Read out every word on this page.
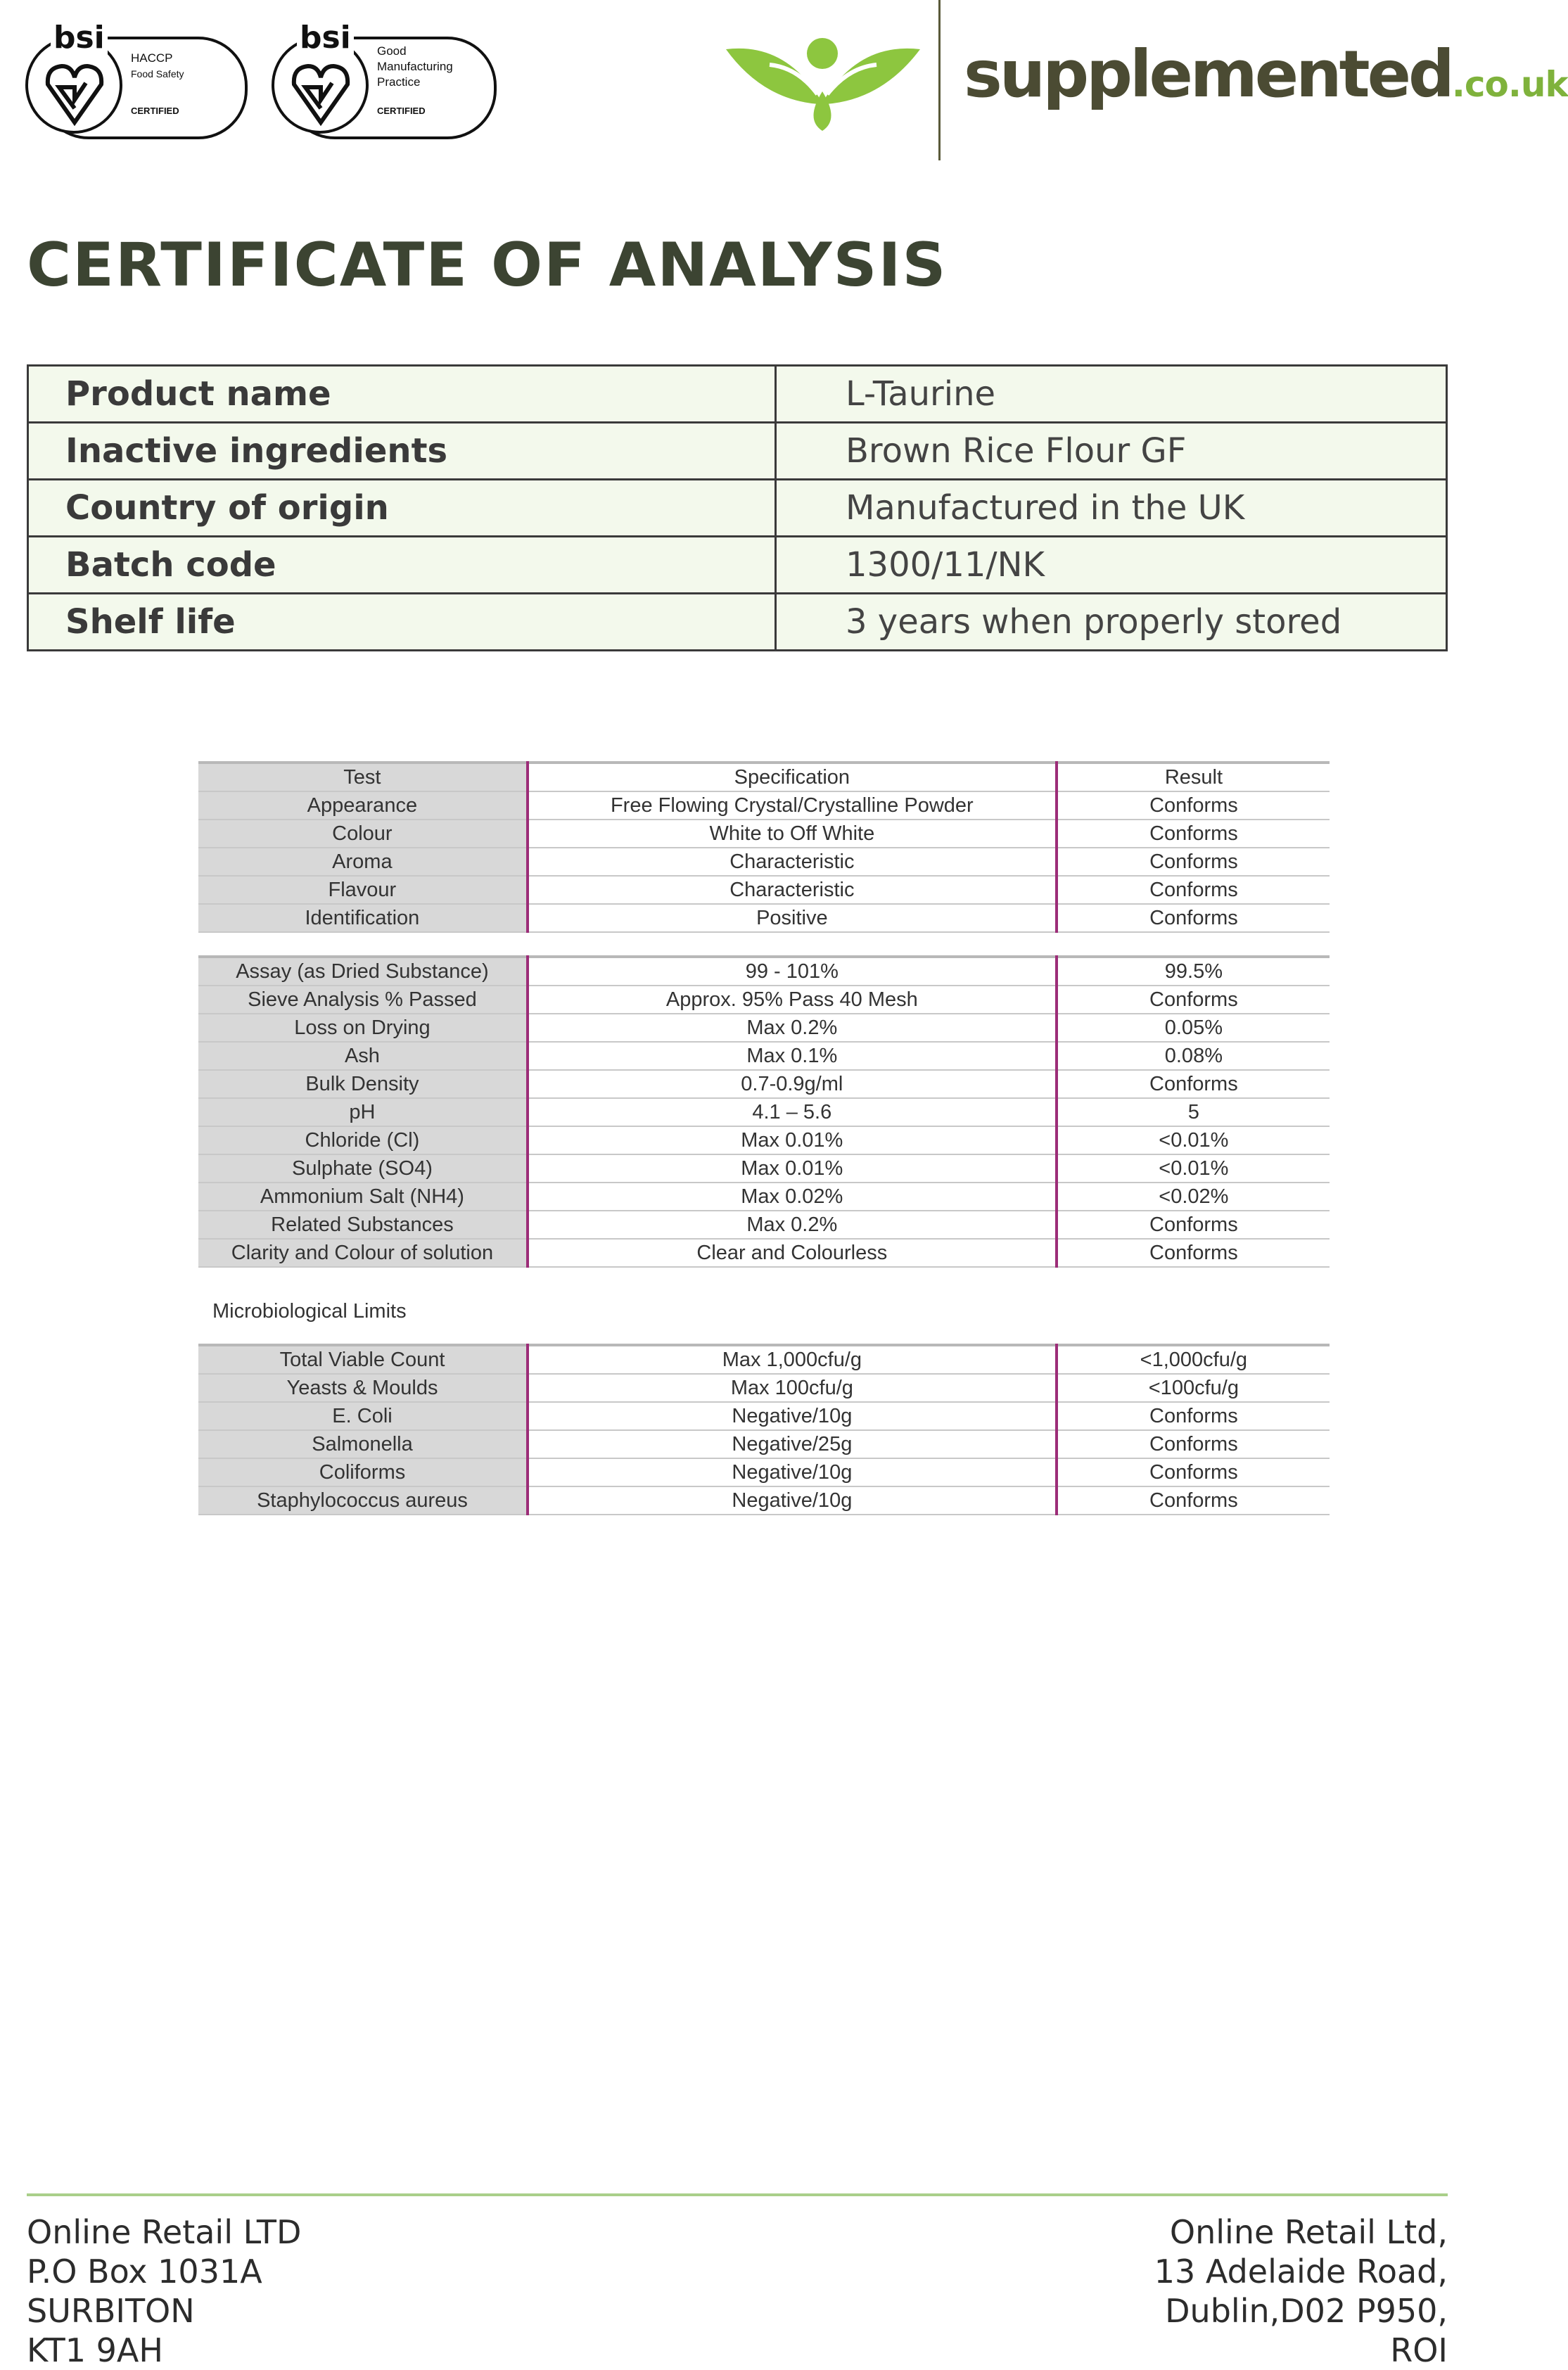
bsi
HACCP
Food Safety
CERTIFIED
bsi Good
Manufacturing
Practice
CERTIFIED	supplemented.co.uk
CERTIFICATE OF ANALYSIS
Product name	L-Taurine
Inactive ingredients	Brown Rice Flour GF
Country of origin	Manufactured in the UK
Batch code	1300/11/NK
Shelf life	3 years when properly stored
Test	Specification	Result
Appearance	Free Flowing Crystal/Crystalline Powder	Conforms
Colour	White to Off White	Conforms
Aroma	Characteristic	Conforms
Flavour	Characteristic	Conforms
Identification	Positive	Conforms
Assay (as Dried Substance)	99 - 101%	99.5%
Sieve Analysis % Passed	Approx. 95% Pass 40 Mesh	Conforms
Loss on Drying	Max 0.2%	0.05%
Ash	Max 0.1%	0.08%
Bulk Density	0.7-0.9g/ml	Conforms
pH	4.1 – 5.6	5
Chloride (Cl)	Max 0.01%	<0.01%
Sulphate (SO4)	Max 0.01%	<0.01%
Ammonium Salt (NH4)	Max 0.02%	<0.02%
Related Substances	Max 0.2%	Conforms
Clarity and Colour of solution	Clear and Colourless	Conforms
Microbiological Limits
Total Viable Count	Max 1,000cfu/g	<1,000cfu/g
Yeasts & Moulds	Max 100cfu/g	<100cfu/g
E. Coli	Negative/10g	Conforms
Salmonella	Negative/25g	Conforms
Coliforms	Negative/10g	Conforms
Staphylococcus aureus	Negative/10g	Conforms
Online Retail LTD
P.O Box 1031A
SURBITON
KT1 9AH
Online Retail Ltd,
13 Adelaide Road,
Dublin,D02 P950,
ROI
